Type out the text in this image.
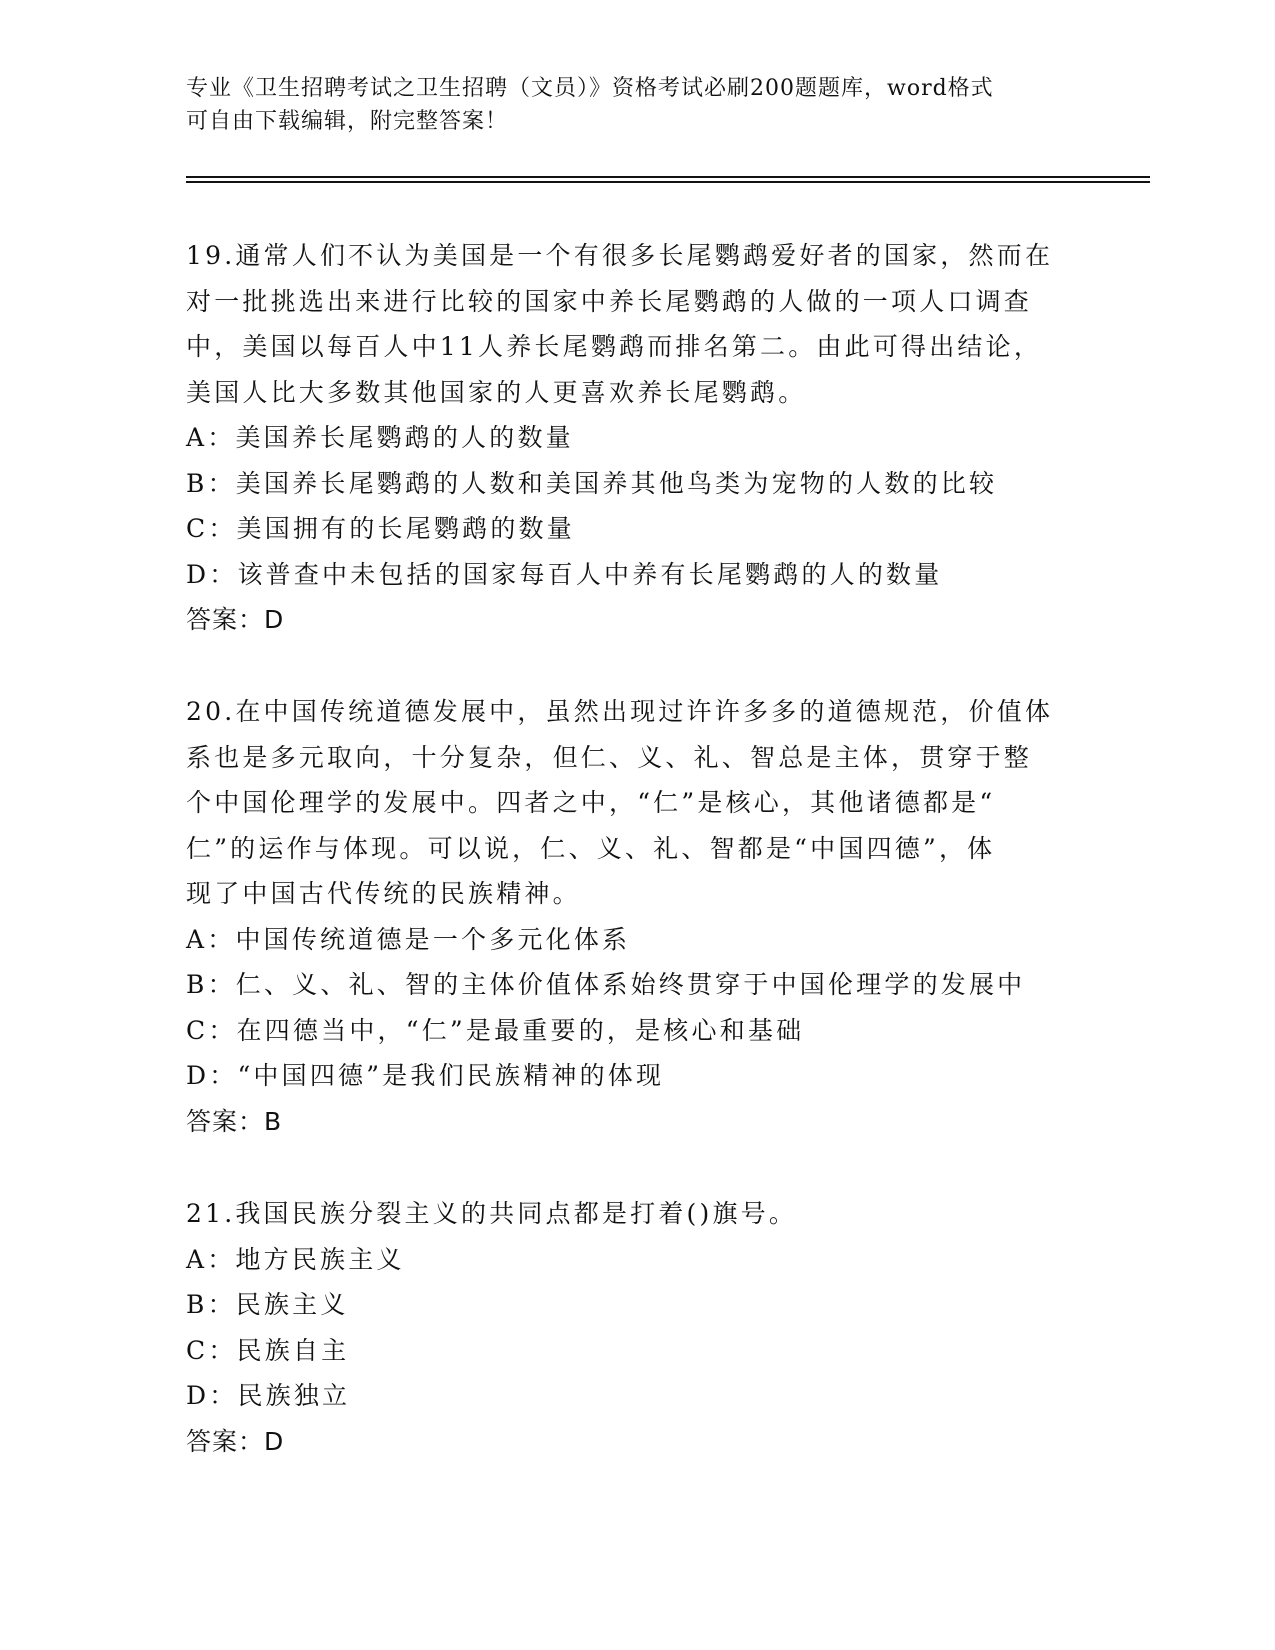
专业《卫生招聘考试之卫生招聘（文员）》资格考试必刷200题题库，word格式
可自由下载编辑，附完整答案！
19.通常人们不认为美国是一个有很多长尾鹦鹉爱好者的国家，然而在
对一批挑选出来进行比较的国家中养长尾鹦鹉的人做的一项人口调查
中，美国以每百人中11人养长尾鹦鹉而排名第二。由此可得出结论，
美国人比大多数其他国家的人更喜欢养长尾鹦鹉。
A：美国养长尾鹦鹉的人的数量
B：美国养长尾鹦鹉的人数和美国养其他鸟类为宠物的人数的比较
C：美国拥有的长尾鹦鹉的数量
D：该普查中未包括的国家每百人中养有长尾鹦鹉的人的数量
答案：D
20.在中国传统道德发展中，虽然出现过许许多多的道德规范，价值体
系也是多元取向，十分复杂，但仁、义、礼、智总是主体，贯穿于整
个中国伦理学的发展中。四者之中，“仁”是核心，其他诸德都是“
仁”的运作与体现。可以说，仁、义、礼、智都是“中国四德”，体
现了中国古代传统的民族精神。
A：中国传统道德是一个多元化体系
B：仁、义、礼、智的主体价值体系始终贯穿于中国伦理学的发展中
C：在四德当中，“仁”是最重要的，是核心和基础
D：“中国四德”是我们民族精神的体现
答案：B
21.我国民族分裂主义的共同点都是打着()旗号。
A：地方民族主义
B：民族主义
C：民族自主
D：民族独立
答案：D
